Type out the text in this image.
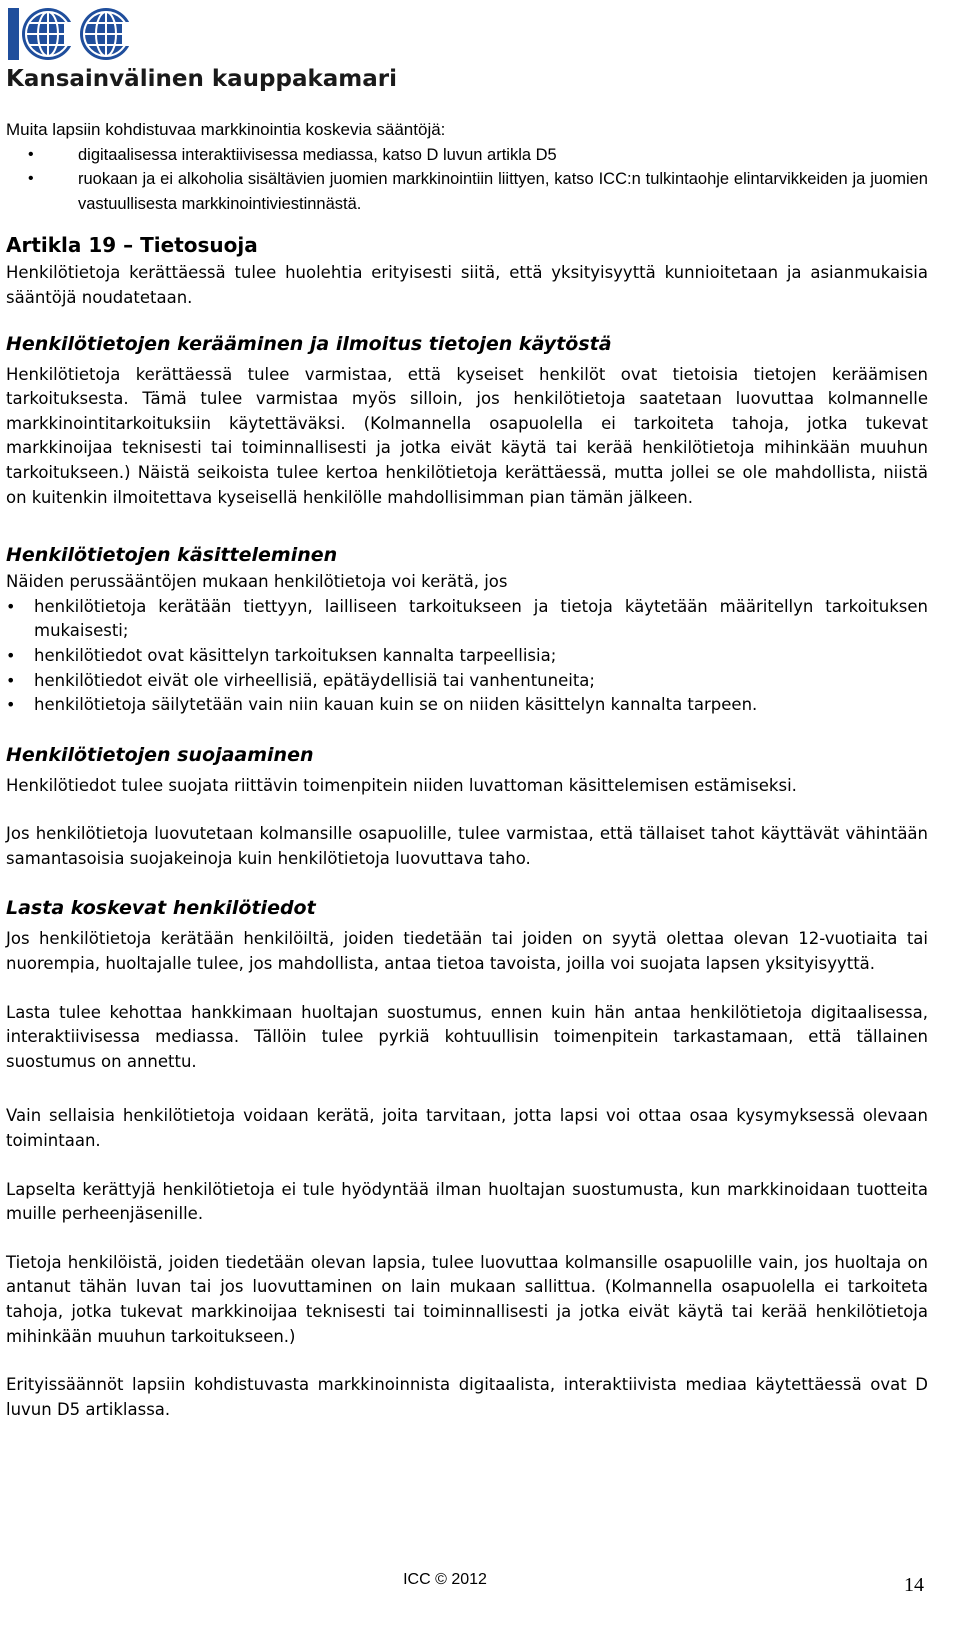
Kansainvälinen kauppakamari

Muita lapsiin kohdistuvaa markkinointia koskevia sääntöjä:

• digitaalisessa interaktiivisessa mediassa, katso D luvun artikla D5
• ruokaan ja ei alkoholia sisältävien juomien markkinointiin liittyen, katso ICC:n tulkintaohje elintarvikkeiden ja juomien vastuullisesta markkinointiviestinnästä.
Artikla 19 – Tietosuoja

Henkilötietoja kerättäessä tulee huolehtia erityisesti siitä, että yksityisyyttä kunnioitetaan ja asianmukaisia sääntöjä noudatetaan.

Henkilötietojen kerääminen ja ilmoitus tietojen käytöstä

Henkilötietoja kerättäessä tulee varmistaa, että kyseiset henkilöt ovat tietoisia tietojen keräämisen tarkoituksesta. Tämä tulee varmistaa myös silloin, jos henkilötietoja saatetaan luovuttaa kolmannelle markkinointitarkoituksiin käytettäväksi. (Kolmannella osapuolella ei tarkoiteta tahoja, jotka tukevat markkinoijaa teknisesti tai toiminnallisesti ja jotka eivät käytä tai kerää henkilötietoja mihinkään muuhun tarkoitukseen.) Näistä seikoista tulee kertoa henkilötietoja kerättäessä, mutta jollei se ole mahdollista, niistä on kuitenkin ilmoitettava kyseisellä henkilölle mahdollisimman pian tämän jälkeen.

Henkilötietojen käsitteleminen

Näiden perussääntöjen mukaan henkilötietoja voi kerätä, jos

• henkilötietoja kerätään tiettyyn, lailliseen tarkoitukseen ja tietoja käytetään määritellyn tarkoituksen mukaisesti;
• henkilötiedot ovat käsittelyn tarkoituksen kannalta tarpeellisia;
• henkilötiedot eivät ole virheellisiä, epätäydellisiä tai vanhentuneita;
• henkilötietoja säilytetään vain niin kauan kuin se on niiden käsittelyn kannalta tarpeen.
Henkilötietojen suojaaminen

Henkilötiedot tulee suojata riittävin toimenpitein niiden luvattoman käsittelemisen estämiseksi.

Jos henkilötietoja luovutetaan kolmansille osapuolille, tulee varmistaa, että tällaiset tahot käyttävät vähintään samantasoisia suojakeinoja kuin henkilötietoja luovuttava taho.

Lasta koskevat henkilötiedot

Jos henkilötietoja kerätään henkilöiltä, joiden tiedetään tai joiden on syytä olettaa olevan 12-vuotiaita tai nuorempia, huoltajalle tulee, jos mahdollista, antaa tietoa tavoista, joilla voi suojata lapsen yksityisyyttä.

Lasta tulee kehottaa hankkimaan huoltajan suostumus, ennen kuin hän antaa henkilötietoja digitaalisessa, interaktiivisessa mediassa. Tällöin tulee pyrkiä kohtuullisin toimenpitein tarkastamaan, että tällainen suostumus on annettu.

Vain sellaisia henkilötietoja voidaan kerätä, joita tarvitaan, jotta lapsi voi ottaa osaa kysymyksessä olevaan toimintaan.

Lapselta kerättyjä henkilötietoja ei tule hyödyntää ilman huoltajan suostumusta, kun markkinoidaan tuotteita muille perheenjäsenille.

Tietoja henkilöistä, joiden tiedetään olevan lapsia, tulee luovuttaa kolmansille osapuolille vain, jos huoltaja on antanut tähän luvan tai jos luovuttaminen on lain mukaan sallittua. (Kolmannella osapuolella ei tarkoiteta tahoja, jotka tukevat markkinoijaa teknisesti tai toiminnallisesti ja jotka eivät käytä tai kerää henkilötietoja mihinkään muuhun tarkoitukseen.)

Erityissäännöt lapsiin kohdistuvasta markkinoinnista digitaalista, interaktiivista mediaa käytettäessä ovat D luvun D5 artiklassa.

ICC © 2012	14
